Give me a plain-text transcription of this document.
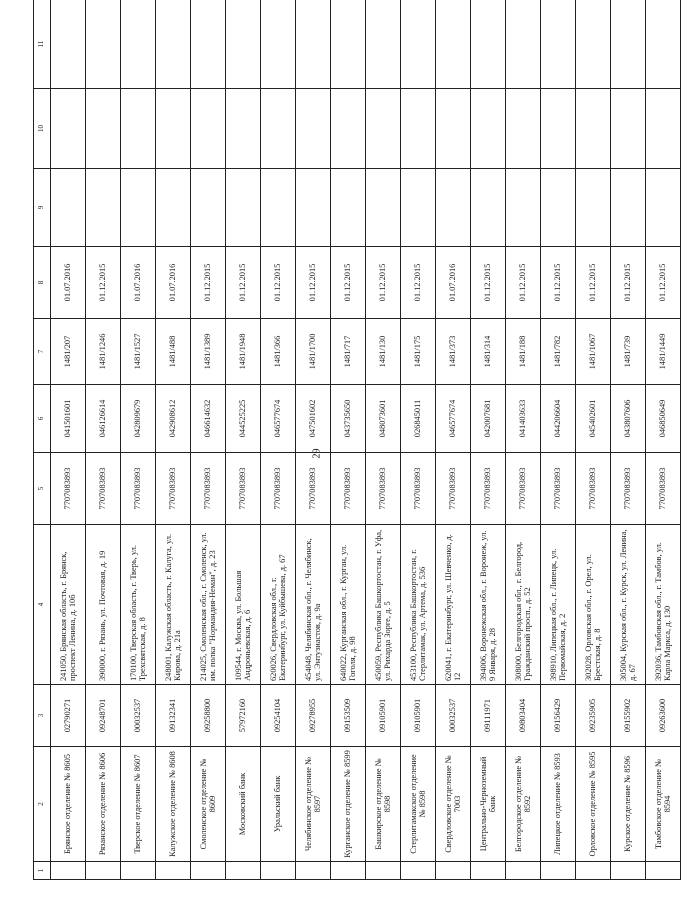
29
1	2	3	4	5	6	7	8	9	10	11
	Брянское отделение № 8605	02790271	241050, Брянская область, г. Брянск, проспект Ленина, д. 10б	7707083893	041501601	1481/207	01.07.2016			
	Рязанское отделение № 8606	09248701	390000, г. Рязань, ул. Почтовая, д. 19	7707083893	046126614	1481/1246	01.12.2015			
	Тверское отделение № 8607	00032537	170100, Тверская область, г. Тверь, ул. Трехсвятская, д. 8	7707083893	042809679	1481/1527	01.07.2016			
	Калужское отделение № 8608	09132341	248001, Калужская область, г. Калуга, ул. Кирова, д. 21а	7707083893	042908612	1481/488	01.07.2016			
	Смоленское отделение № 8609	09258800	214025, Смоленская обл., г. Смоленск, ул. им. полка "Нормандия-Неман", д. 23	7707083893	046614632	1481/1389	01.12.2015			
	Московский банк	57972160	109544, г. Москва, ул. Большая Андроньевская, д. 6	7707083893	044525225	1481/1948	01.12.2015			
	Уральский банк	09254104	620026, Свердловская обл., г. Екатеринбург, ул. Куйбышева, д. 67	7707083893	046577674	1481/366	01.12.2015			
	Челябинское отделение № 8597	09278955	454048, Челябинская обл., г. Челябинск, ул. Энтузиастов, д. 9а	7707083893	047501602	1481/1700	01.12.2015			
	Курганское отделение № 8599	09153509	640022, Курганская обл., г. Курган, ул. Гоголя, д. 98	7707083893	043735650	1481/717	01.12.2015			
	Башкирское отделение № 8598	09105901	450059, Республика Башкортостан, г. Уфа, ул. Рихарда Зорге, д. 5	7707083893	048073601	1481/130	01.12.2015			
	Стерлитамакское отделение № 8598	09105901	453100, Республика Башкортостан, г. Стерлитамак, ул. Артема, д. 536	7707083893	026845011	1481/175	01.12.2015			
	Свердловское отделение № 7003	00032537	620041, г. Екатеринбург, ул. Шевченко, д. 12	7707083893	046577674	1481/373	01.07.2016			
	Центрально-Черноземный банк	09111971	394006, Воронежская обл., г. Воронеж, ул. 9 Января, д. 28	7707083893	042007681	1481/314	01.12.2015			
	Белгородское отделение № 8592	09803404	308000, Белгородская обл., г. Белгород, Гражданский просп., д. 52	7707083893	041403633	1481/188	01.12.2015			
	Липецкое отделение № 8593	09156429	398910, Липецкая обл., г. Липецк, ул. Первомайская, д. 2	7707083893	044206604	1481/782	01.12.2015			
	Орловское отделение № 8595	09235905	302028, Орловская обл., г. Орел, ул. Брестская, д. 8	7707083893	045402601	1481/1067	01.12.2015			
	Курское отделение № 8596	09155902	305004, Курская обл., г. Курск, ул. Ленина, д. 67	7707083893	043807606	1481/739	01.12.2015			
	Тамбовское отделение № 8594	09263600	392036, Тамбовская обл., г. Тамбов, ул. Карла Маркса, д. 130	7707083893	046850649	1481/1449	01.12.2015			
